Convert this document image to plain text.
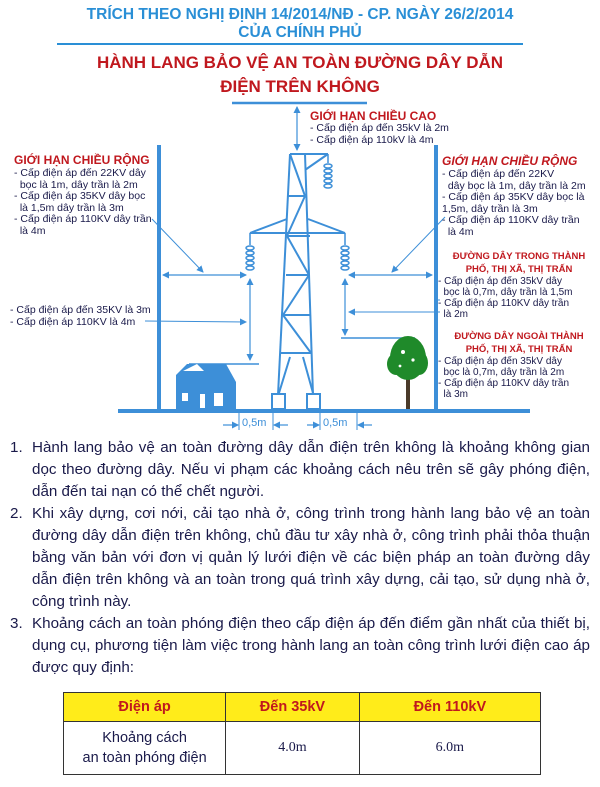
TRÍCH THEO NGHỊ ĐỊNH 14/2014/NĐ - CP. NGÀY 26/2/2014
CỦA CHÍNH PHỦ
HÀNH LANG BẢO VỆ AN TOÀN ĐƯỜNG DÂY DẪN
ĐIỆN TRÊN KHÔNG
GIỚI HẠN CHIỀU CAO
- Cấp điện áp đến 35kV là 2m
- Cấp điện áp 110kV là 4m
GIỚI HẠN CHIỀU RỘNG
- Cấp điện áp đến 22KV dây
bọc là 1m, dây trần là 2m
- Cấp điện áp 35KV dây bọc
là 1,5m dây trần là 3m
- Cấp điện áp 110KV dây trần
là 4m
- Cấp điện áp đến 35KV là 3m
- Cấp điện áp 110KV là 4m
GIỚI HẠN CHIỀU RỘNG
- Cấp điện áp đến 22KV
dây bọc là 1m, dây trần là 2m
- Cấp điện áp 35KV dây bọc là
1,5m, dây trần là 3m
- Cấp điện áp 110KV dây trần
là 4m
ĐƯỜNG DÂY TRONG THÀNH
PHỐ, THỊ XÃ, THỊ TRẤN
- Cấp điện áp đến 35kV dây
bọc là 0,7m, dây trần là 1,5m
- Cấp điện áp 110KV dây trần
là 2m
ĐƯỜNG DÂY NGOÀI THÀNH
PHỐ, THỊ XÃ, THỊ TRẤN
- Cấp điện áp đến 35kV dây
bọc là 0,7m, dây trần là 2m
- Cấp điện áp 110KV dây trần
là 3m
0,5m	0,5m
1. Hành lang bảo vệ an toàn đường dây dẫn điện trên không là khoảng không gian dọc theo đường dây. Nếu vi phạm các khoảng cách nêu trên sẽ gây phóng điện, dẫn đến tai nạn có thể chết người.
2. Khi xây dựng, cơi nới, cải tạo nhà ở, công trình trong hành lang bảo vệ an toàn đường dây dẫn điện trên không, chủ đầu tư xây nhà ở, công trình phải thỏa thuận bằng văn bản với đơn vị quản lý lưới điện về các biện pháp an toàn đường dây dẫn điện trên không và an toàn trong quá trình xây dựng, cải tạo, sử dụng nhà ở, công trình này.
3. Khoảng cách an toàn phóng điện theo cấp điện áp đến điểm gần nhất của thiết bị, dụng cụ, phương tiện làm việc trong hành lang an toàn công trình lưới điện cao áp được quy định:
Điện áp	Đến 35kV	Đến 110kV

Khoảng cách
an toàn phóng điện	4.0m	6.0m
